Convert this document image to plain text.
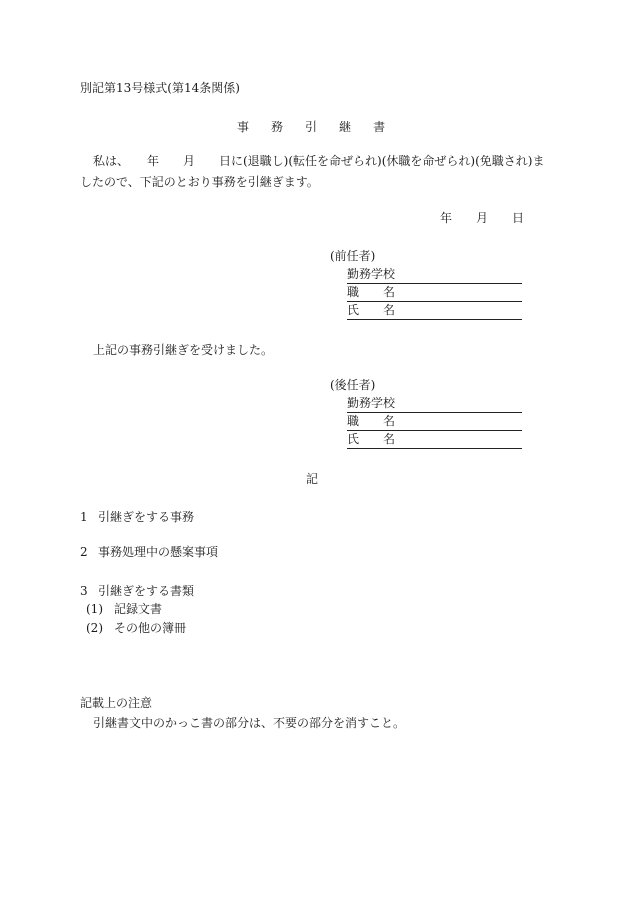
別記第13号様式(第14条関係)
事 務 引 継 書
私は、　　年　　月　　日に(退職し)(転任を命ぜられ)(休職を命ぜられ)(免職され)ま
したので、下記のとおり事務を引継ぎます。
年　　月　　日
(前任者)
勤務学校
職　　名
氏　　名
上記の事務引継ぎを受けました。
(後任者)
勤務学校
職　　名
氏　　名
記
1 引継ぎをする事務
2 事務処理中の懸案事項
3 引継ぎをする書類
(1) 記録文書
(2) その他の簿冊
記載上の注意
引継書文中のかっこ書の部分は、不要の部分を消すこと。
